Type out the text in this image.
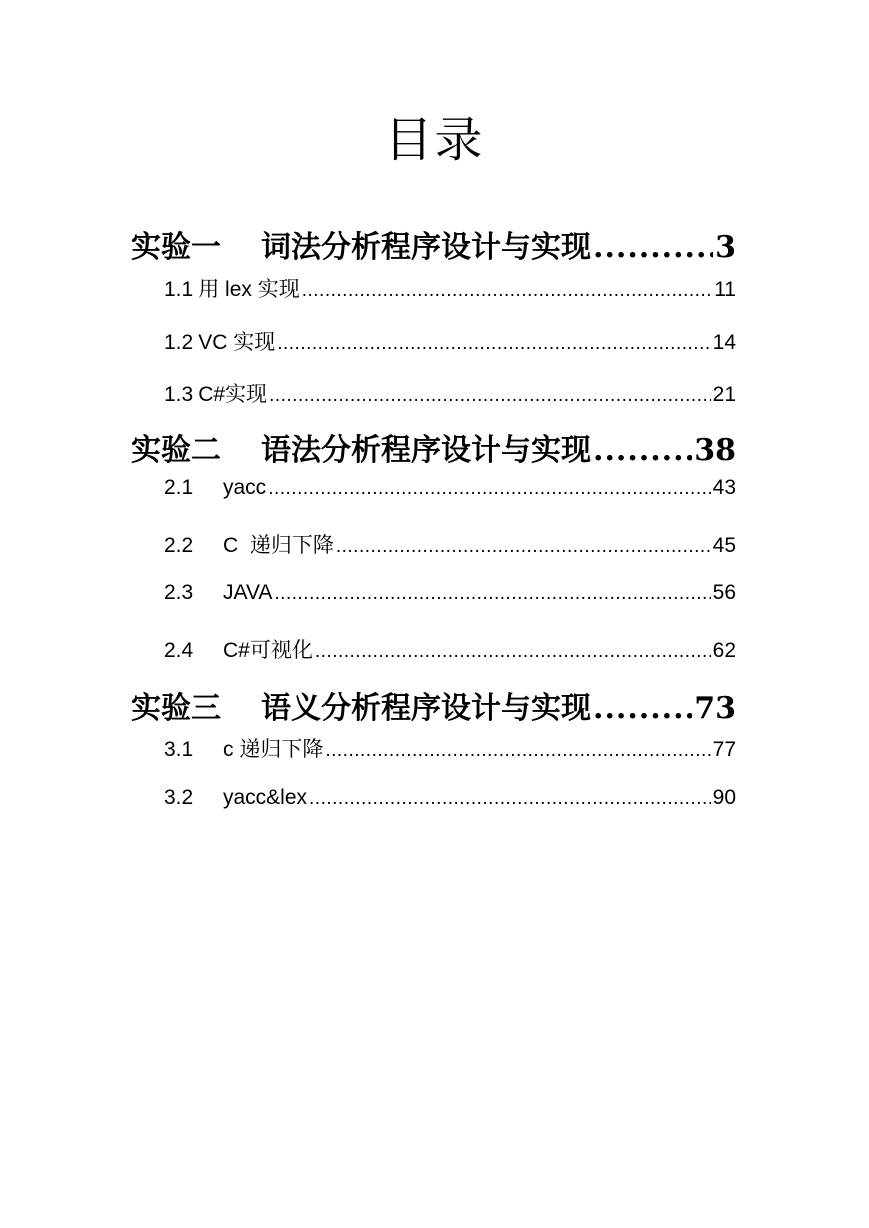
目录
实验一	词法分析程序设计与实现 .....	3
1.1 用 lex 实现 .....	11
1.2 VC 实现 .....	14
1.3 C#实现 .....	21
实验二	语法分析程序设计与实现 .....	38
2.1	yacc .....	43
2.2	C  递归下降 .....	45
2.3	JAVA .....	56
2.4	C#可视化 .....	62
实验三	语义分析程序设计与实现 .....	73
3.1	c 递归下降 .....	77
3.2	yacc&lex .....	90
